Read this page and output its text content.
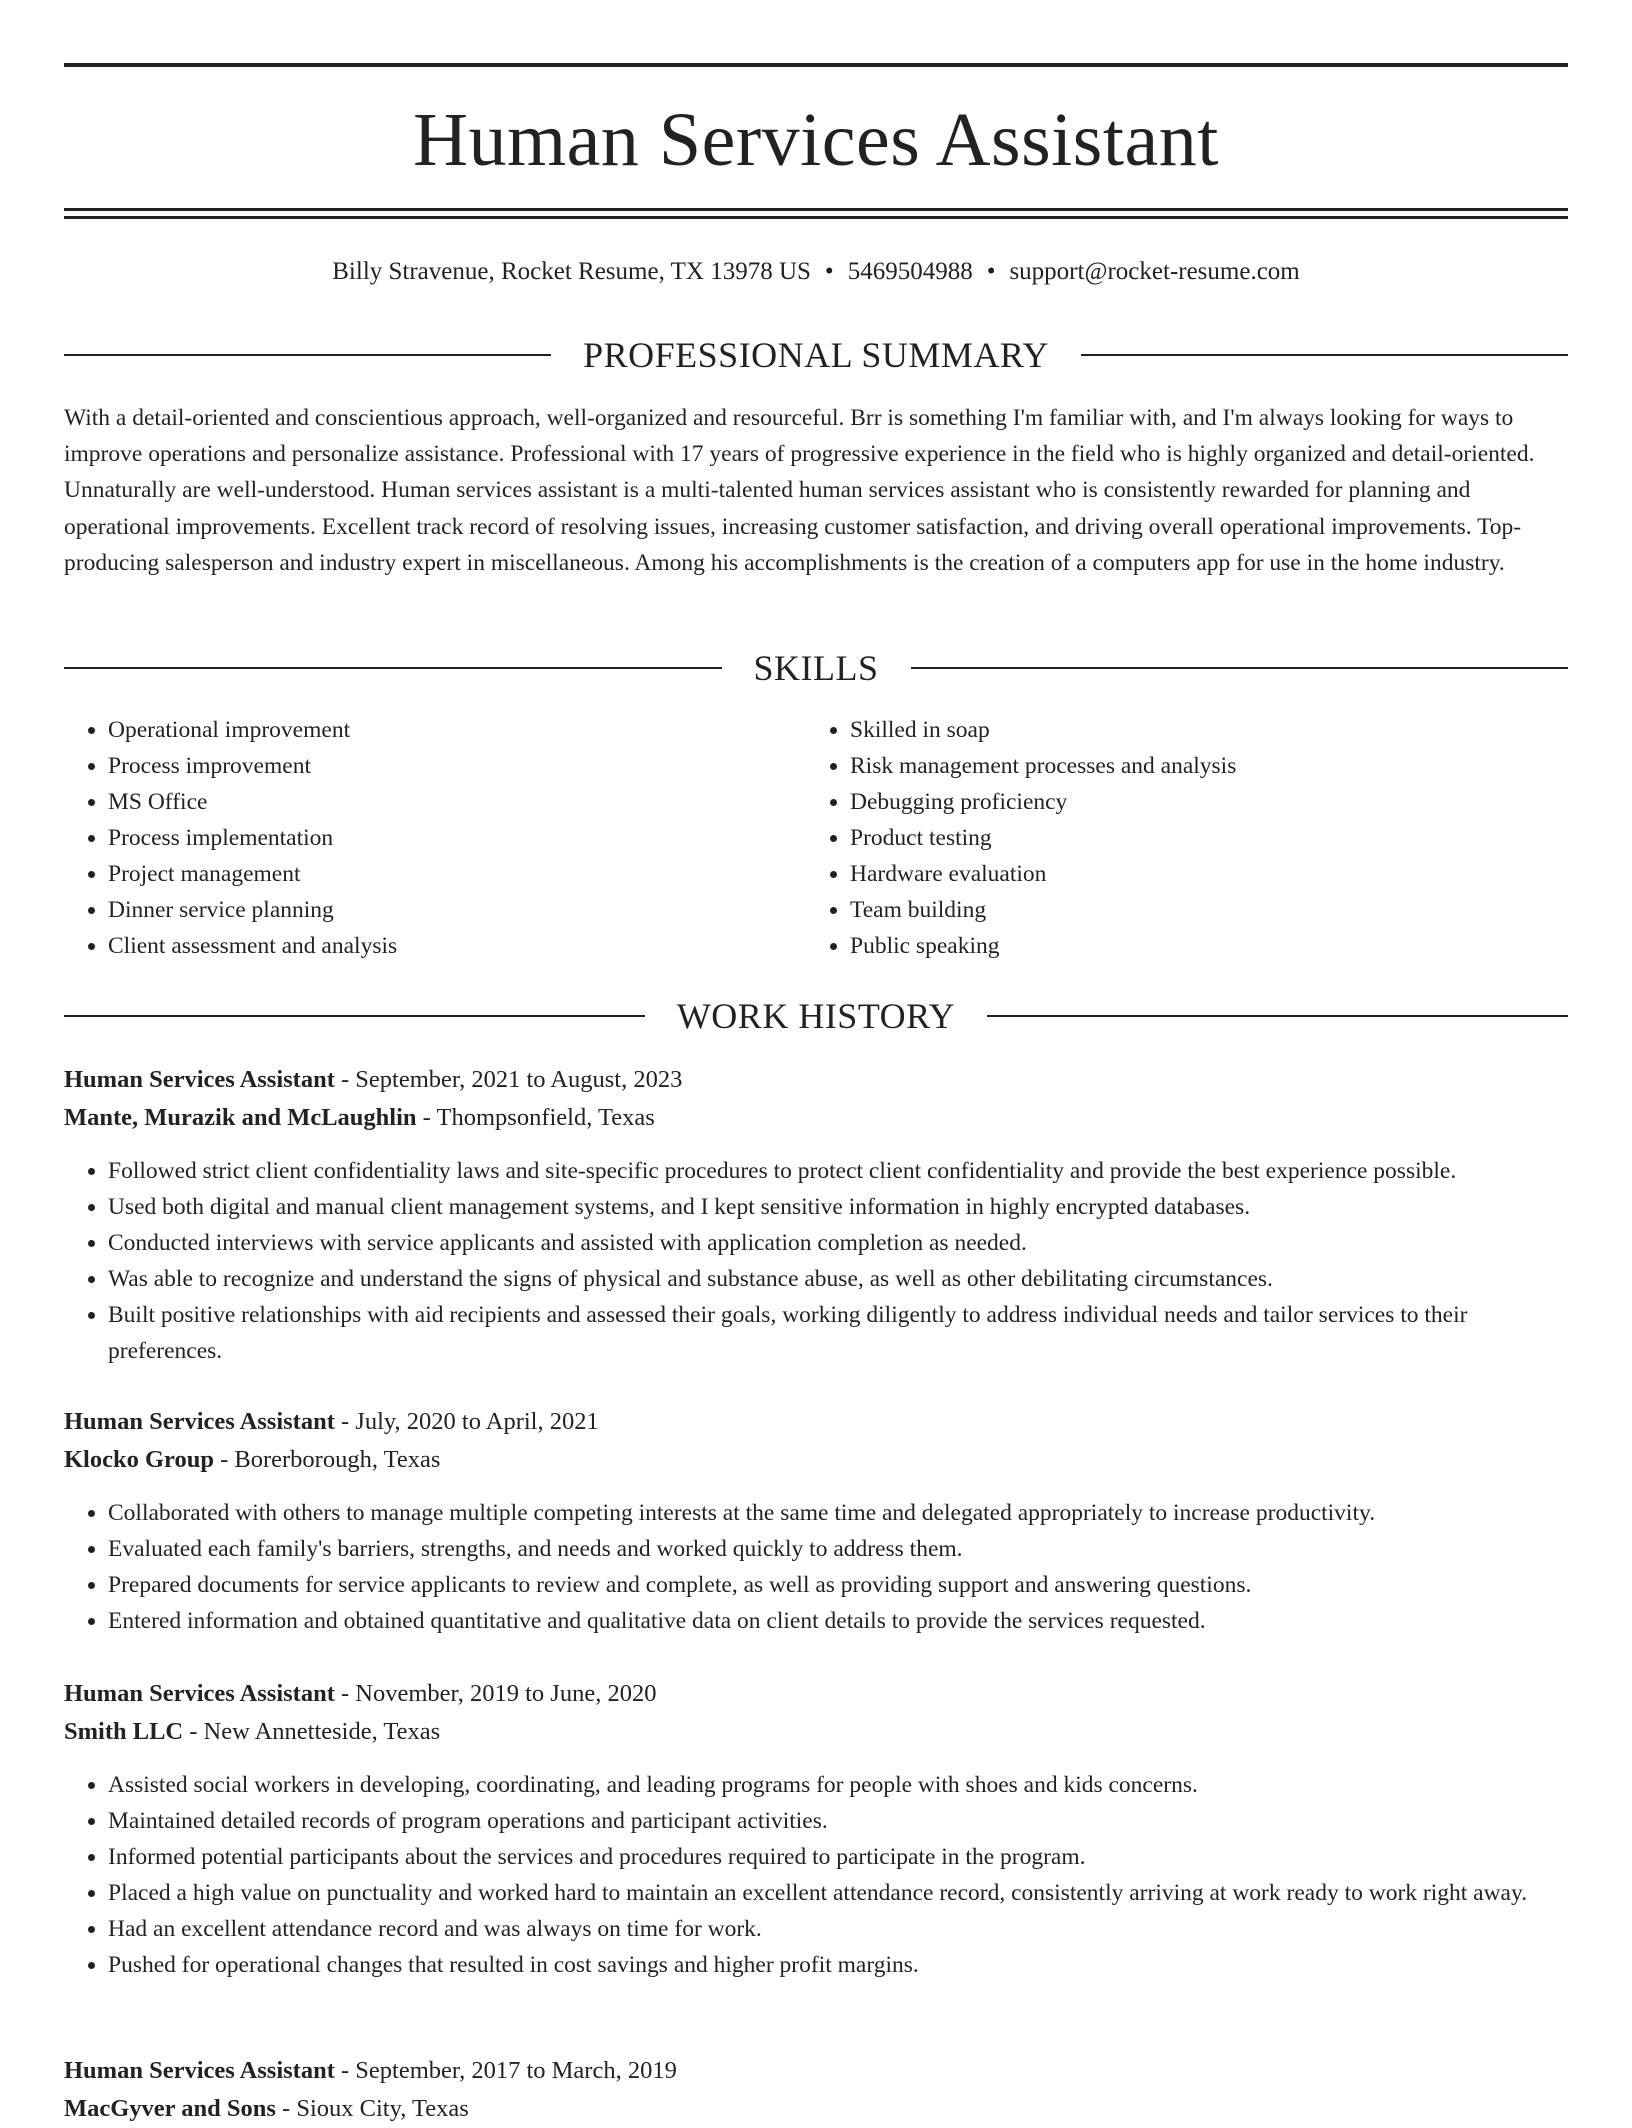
Human Services Assistant
Billy Stravenue, Rocket Resume, TX 13978 US • 5469504988 • support@rocket-resume.com
PROFESSIONAL SUMMARY

With a detail-oriented and conscientious approach, well-organized and resourceful. Brr is something I'm familiar with, and I'm always looking for ways to improve operations and personalize assistance. Professional with 17 years of progressive experience in the field who is highly organized and detail-oriented. Unnaturally are well-understood. Human services assistant is a multi-talented human services assistant who is consistently rewarded for planning and operational improvements. Excellent track record of resolving issues, increasing customer satisfaction, and driving overall operational improvements. Top-producing salesperson and industry expert in miscellaneous. Among his accomplishments is the creation of a computers app for use in the home industry.

SKILLS
• Operational improvement
• Process improvement
• MS Office
• Process implementation
• Project management
• Dinner service planning
• Client assessment and analysis
• Skilled in soap
• Risk management processes and analysis
• Debugging proficiency
• Product testing
• Hardware evaluation
• Team building
• Public speaking
WORK HISTORY

Human Services Assistant - September, 2021 to August, 2023

Mante, Murazik and McLaughlin - Thompsonfield, Texas

• Followed strict client confidentiality laws and site-specific procedures to protect client confidentiality and provide the best experience possible.
• Used both digital and manual client management systems, and I kept sensitive information in highly encrypted databases.
• Conducted interviews with service applicants and assisted with application completion as needed.
• Was able to recognize and understand the signs of physical and substance abuse, as well as other debilitating circumstances.
• Built positive relationships with aid recipients and assessed their goals, working diligently to address individual needs and tailor services to their preferences.

Human Services Assistant - July, 2020 to April, 2021

Klocko Group - Borerborough, Texas

• Collaborated with others to manage multiple competing interests at the same time and delegated appropriately to increase productivity.
• Evaluated each family's barriers, strengths, and needs and worked quickly to address them.
• Prepared documents for service applicants to review and complete, as well as providing support and answering questions.
• Entered information and obtained quantitative and qualitative data on client details to provide the services requested.

Human Services Assistant - November, 2019 to June, 2020

Smith LLC - New Annetteside, Texas

• Assisted social workers in developing, coordinating, and leading programs for people with shoes and kids concerns.
• Maintained detailed records of program operations and participant activities.
• Informed potential participants about the services and procedures required to participate in the program.
• Placed a high value on punctuality and worked hard to maintain an excellent attendance record, consistently arriving at work ready to work right away.
• Had an excellent attendance record and was always on time for work.
• Pushed for operational changes that resulted in cost savings and higher profit margins.

Human Services Assistant - September, 2017 to March, 2019

MacGyver and Sons - Sioux City, Texas
